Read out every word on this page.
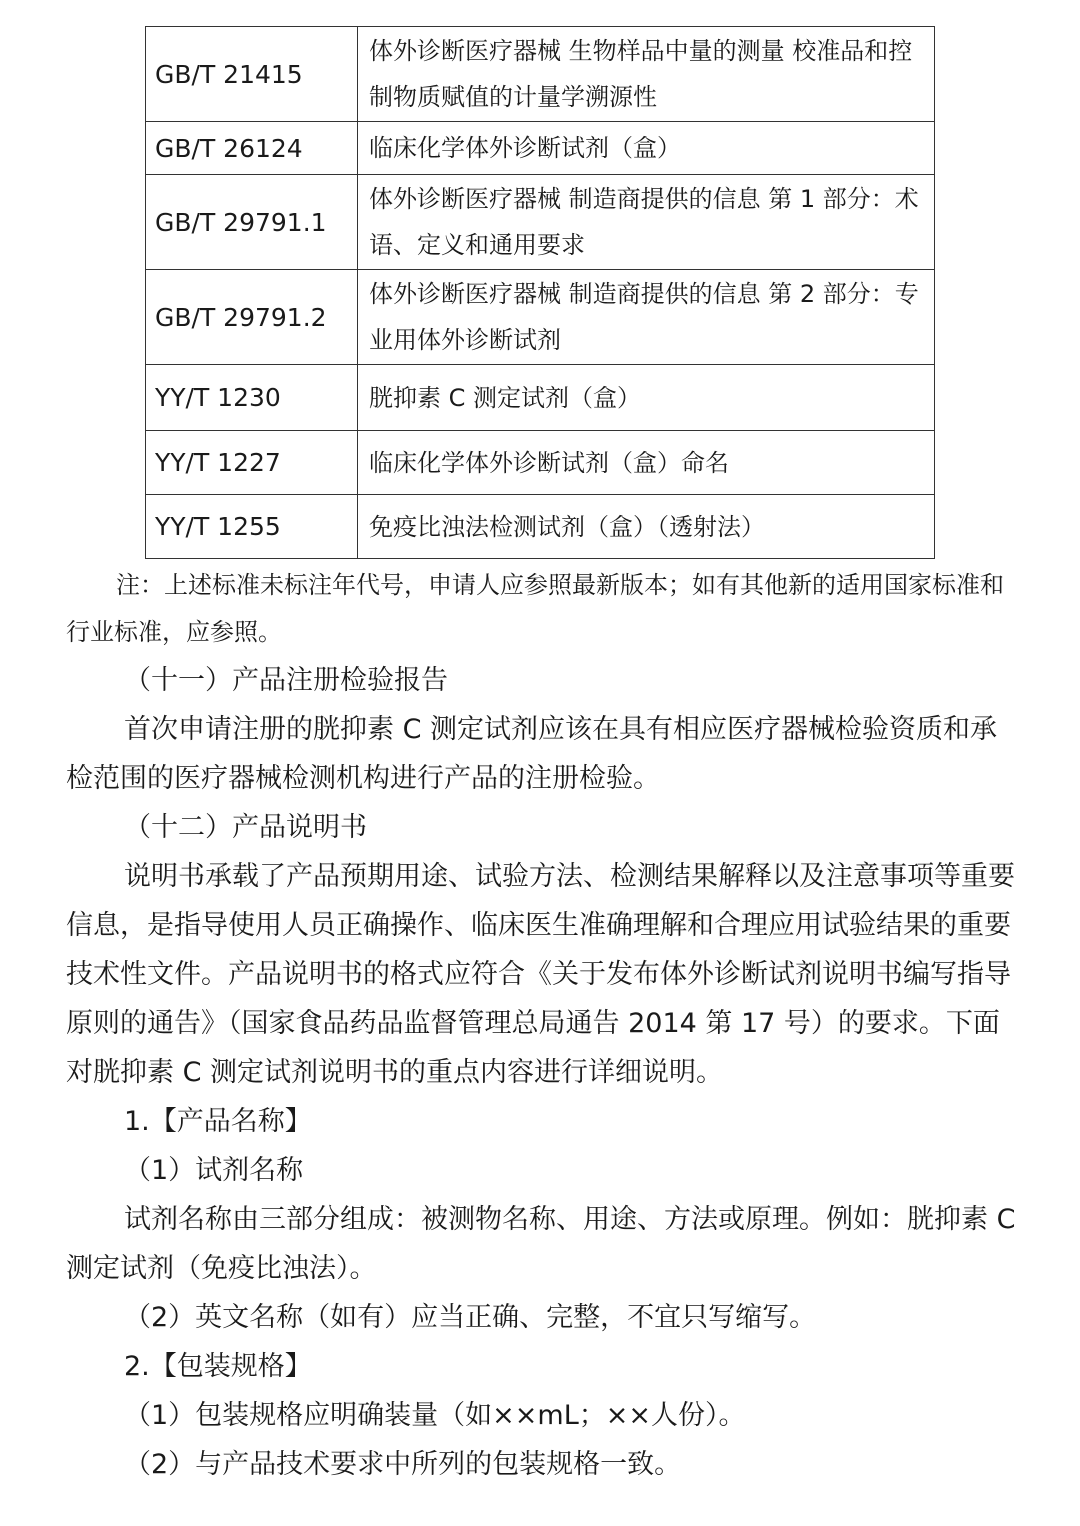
GB/T 21415	体外诊断医疗器械 生物样品中量的测量 校准品和控制物质赋值的计量学溯源性
GB/T 26124	临床化学体外诊断试剂（盒）
GB/T 29791.1	体外诊断医疗器械 制造商提供的信息 第 1 部分：术语、定义和通用要求
GB/T 29791.2	体外诊断医疗器械 制造商提供的信息 第 2 部分：专业用体外诊断试剂
YY/T 1230	胱抑素 C 测定试剂（盒）
YY/T 1227	临床化学体外诊断试剂（盒）命名
YY/T 1255	免疫比浊法检测试剂（盒）（透射法）

注：上述标准未标注年代号，申请人应参照最新版本；如有其他新的适用国家标准和行业标准，应参照。

（十一）产品注册检验报告

首次申请注册的胱抑素 C 测定试剂应该在具有相应医疗器械检验资质和承检范围的医疗器械检测机构进行产品的注册检验。

（十二）产品说明书

说明书承载了产品预期用途、试验方法、检测结果解释以及注意事项等重要信息，是指导使用人员正确操作、临床医生准确理解和合理应用试验结果的重要技术性文件。产品说明书的格式应符合《关于发布体外诊断试剂说明书编写指导原则的通告》（国家食品药品监督管理总局通告 2014 第 17 号）的要求。下面对胱抑素 C 测定试剂说明书的重点内容进行详细说明。

1.【产品名称】

（1）试剂名称

试剂名称由三部分组成：被测物名称、用途、方法或原理。例如：胱抑素 C 测定试剂（免疫比浊法）。

（2）英文名称（如有）应当正确、完整，不宜只写缩写。

2.【包装规格】

（1）包装规格应明确装量（如××mL；××人份）。

（2）与产品技术要求中所列的包装规格一致。
